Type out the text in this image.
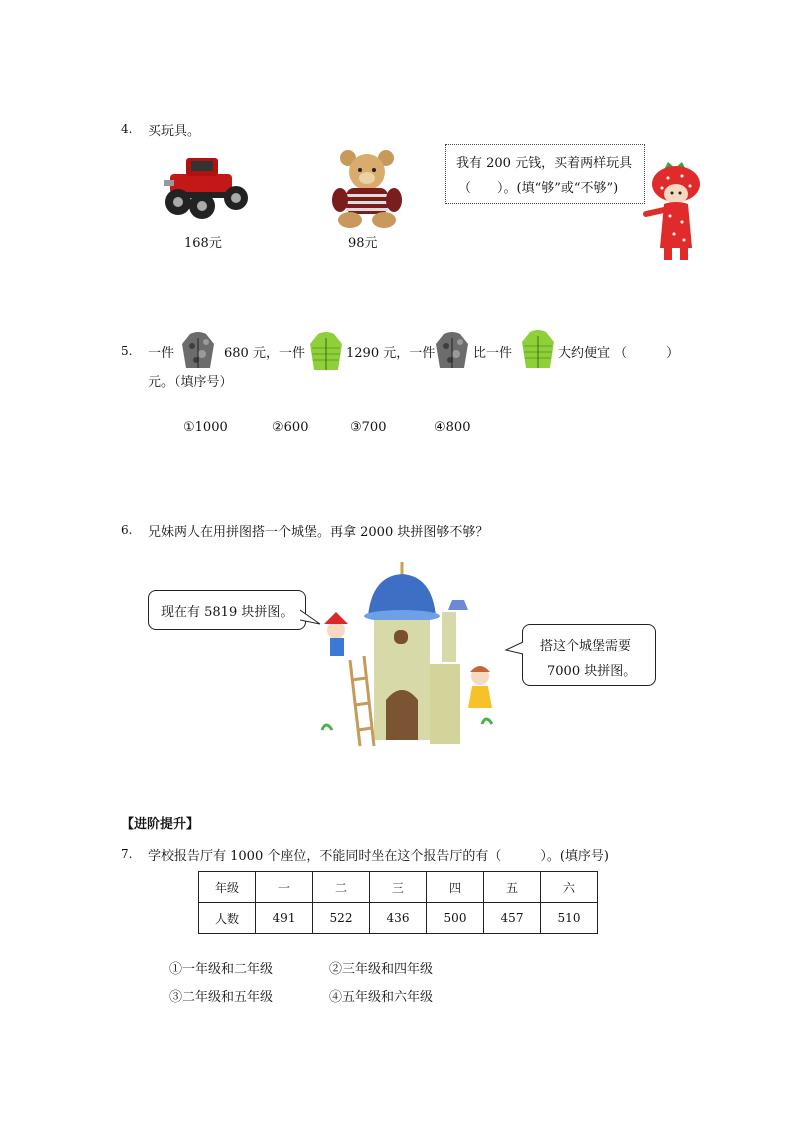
4. 买玩具。
168元	98元
我有 200 元钱，买着两样玩具
（　　）。(填“够”或“不够”)
5. 一件	680 元，一件	1290 元，一件	比一件	大约便宜 （　　　）
元。（填序号）
①1000	②600	③700	④800
6. 兄妹两人在用拼图搭一个城堡。再拿 2000 块拼图够不够？
现在有 5819 块拼图。
搭这个城堡需要
7000 块拼图。
【进阶提升】
7. 学校报告厅有 1000 个座位，不能同时坐在这个报告厅的有（　　　）。(填序号)
年级	一	二	三	四	五	六
人数	491	522	436	500	457	510
①一年级和二年级	②三年级和四年级
③二年级和五年级	④五年级和六年级
